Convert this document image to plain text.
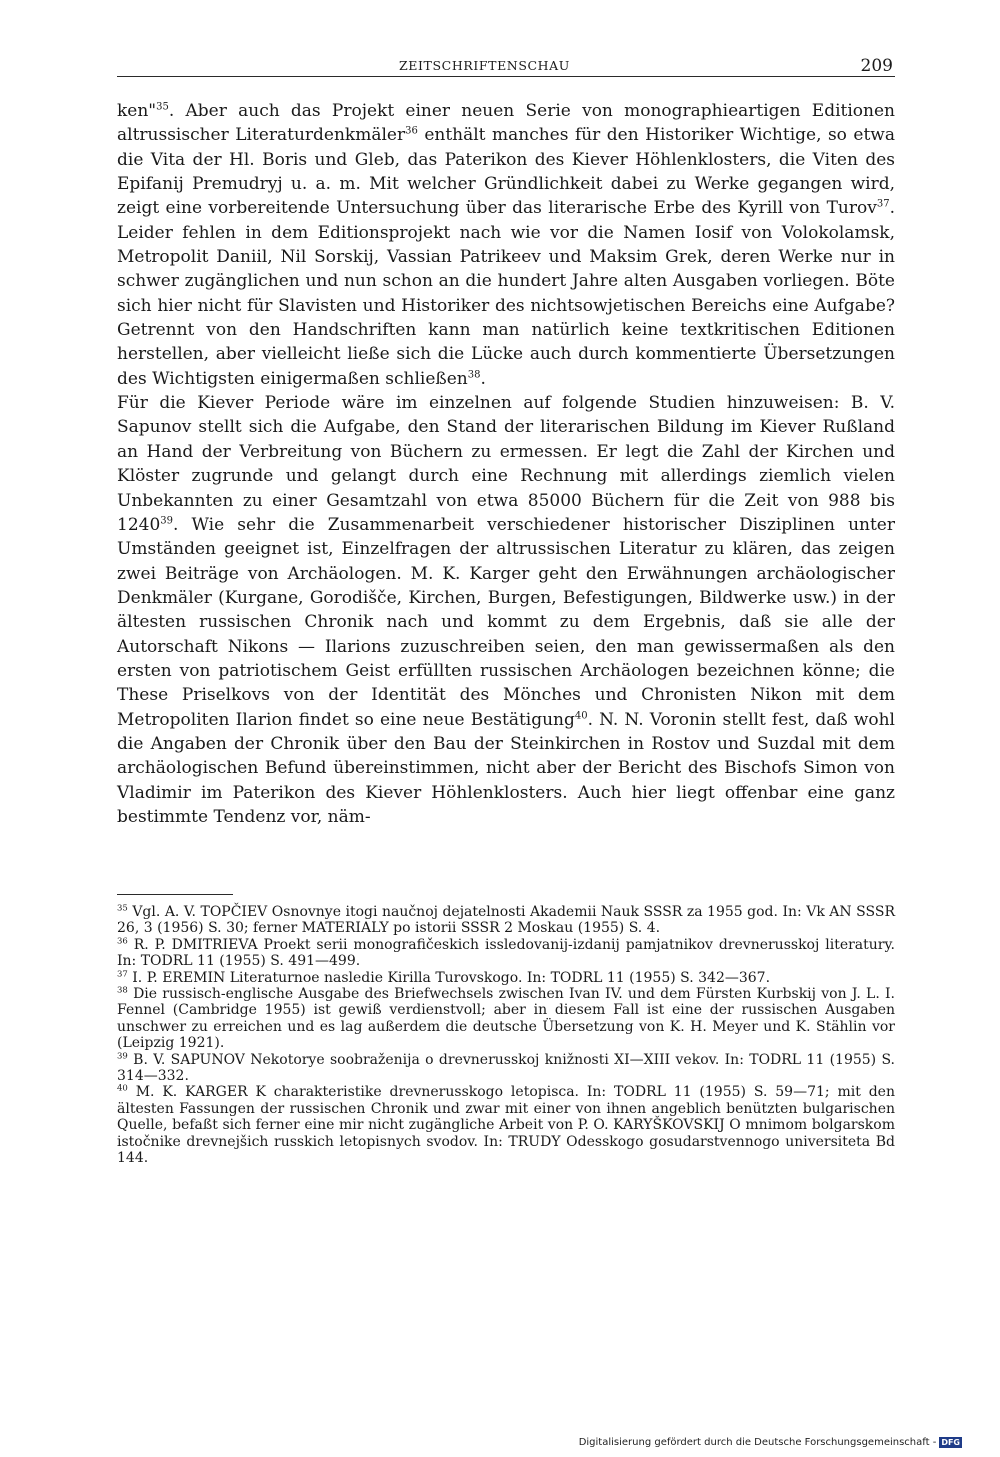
ZEITSCHRIFTENSCHAU	209

ken"$^{35}$. Aber auch das Projekt einer neuen Serie von monographieartigen Editionen altrussischer Literaturdenkmäler$^{36}$ enthält manches für den Historiker Wichtige, so etwa die Vita der Hl. Boris und Gleb, das Paterikon des Kiever Höhlenklosters, die Viten des Epifanij Premudryj u. a. m. Mit welcher Gründlichkeit dabei zu Werke gegangen wird, zeigt eine vorbereitende Untersuchung über das literarische Erbe des Kyrill von Turov$^{37}$. Leider fehlen in dem Editionsprojekt nach wie vor die Namen Iosif von Volokolamsk, Metropolit Daniil, Nil Sorskij, Vassian Patrikeev und Maksim Grek, deren Werke nur in schwer zugänglichen und nun schon an die hundert Jahre alten Ausgaben vorliegen. Böte sich hier nicht für Slavisten und Historiker des nichtsowjetischen Bereichs eine Aufgabe? Getrennt von den Handschriften kann man natürlich keine textkritischen Editionen herstellen, aber vielleicht ließe sich die Lücke auch durch kommentierte Übersetzungen des Wichtigsten einigermaßen schließen$^{38}$.

Für die Kiever Periode wäre im einzelnen auf folgende Studien hinzuweisen: B. V. Sapunov stellt sich die Aufgabe, den Stand der literarischen Bildung im Kiever Rußland an Hand der Verbreitung von Büchern zu ermessen. Er legt die Zahl der Kirchen und Klöster zugrunde und gelangt durch eine Rechnung mit allerdings ziemlich vielen Unbekannten zu einer Gesamtzahl von etwa 85000 Büchern für die Zeit von 988 bis 1240$^{39}$. Wie sehr die Zusammenarbeit verschiedener historischer Disziplinen unter Umständen geeignet ist, Einzelfragen der altrussischen Literatur zu klären, das zeigen zwei Beiträge von Archäologen. M. K. Karger geht den Erwähnungen archäologischer Denkmäler (Kurgane, Gorodišče, Kirchen, Burgen, Befestigungen, Bildwerke usw.) in der ältesten russischen Chronik nach und kommt zu dem Ergebnis, daß sie alle der Autorschaft Nikons — Ilarions zuzuschreiben seien, den man gewissermaßen als den ersten von patriotischem Geist erfüllten russischen Archäologen bezeichnen könne; die These Priselkovs von der Identität des Mönches und Chronisten Nikon mit dem Metropoliten Ilarion findet so eine neue Bestätigung$^{40}$. N. N. Voronin stellt fest, daß wohl die Angaben der Chronik über den Bau der Steinkirchen in Rostov und Suzdal mit dem archäologischen Befund übereinstimmen, nicht aber der Bericht des Bischofs Simon von Vladimir im Paterikon des Kiever Höhlenklosters. Auch hier liegt offenbar eine ganz bestimmte Tendenz vor, näm-

$^{35}$ Vgl. A. V. TOPČIEV Osnovnye itogi naučnoj dejatelnosti Akademii Nauk SSSR za 1955 god. In: Vk AN SSSR 26, 3 (1956) S. 30; ferner MATERIALY po istorii SSSR 2 Moskau (1955) S. 4.

$^{36}$ R. P. DMITRIEVA Proekt serii monografičeskich issledovanij-izdanij pamjatnikov drevnerusskoj literatury. In: TODRL 11 (1955) S. 491—499.

$^{37}$ I. P. EREMIN Literaturnoe nasledie Kirilla Turovskogo. In: TODRL 11 (1955) S. 342—367.

$^{38}$ Die russisch-englische Ausgabe des Briefwechsels zwischen Ivan IV. und dem Fürsten Kurbskij von J. L. I. Fennel (Cambridge 1955) ist gewiß verdienstvoll; aber in diesem Fall ist eine der russischen Ausgaben unschwer zu erreichen und es lag außerdem die deutsche Übersetzung von K. H. Meyer und K. Stählin vor (Leipzig 1921).

$^{39}$ B. V. SAPUNOV Nekotorye soobraženija o drevnerusskoj knižnosti XI—XIII vekov. In: TODRL 11 (1955) S. 314—332.

$^{40}$ M. K. KARGER K charakteristike drevnerusskogo letopisca. In: TODRL 11 (1955) S. 59—71; mit den ältesten Fassungen der russischen Chronik und zwar mit einer von ihnen angeblich benützten bulgarischen Quelle, befaßt sich ferner eine mir nicht zugängliche Arbeit von P. O. KARYŠKOVSKIJ O mnimom bolgarskom istočnike drevnejšich russkich letopisnych svodov. In: TRUDY Odesskogo gosudarstvennogo universiteta Bd 144.

Digitalisierung gefördert durch die Deutsche Forschungsgemeinschaft - DFG
